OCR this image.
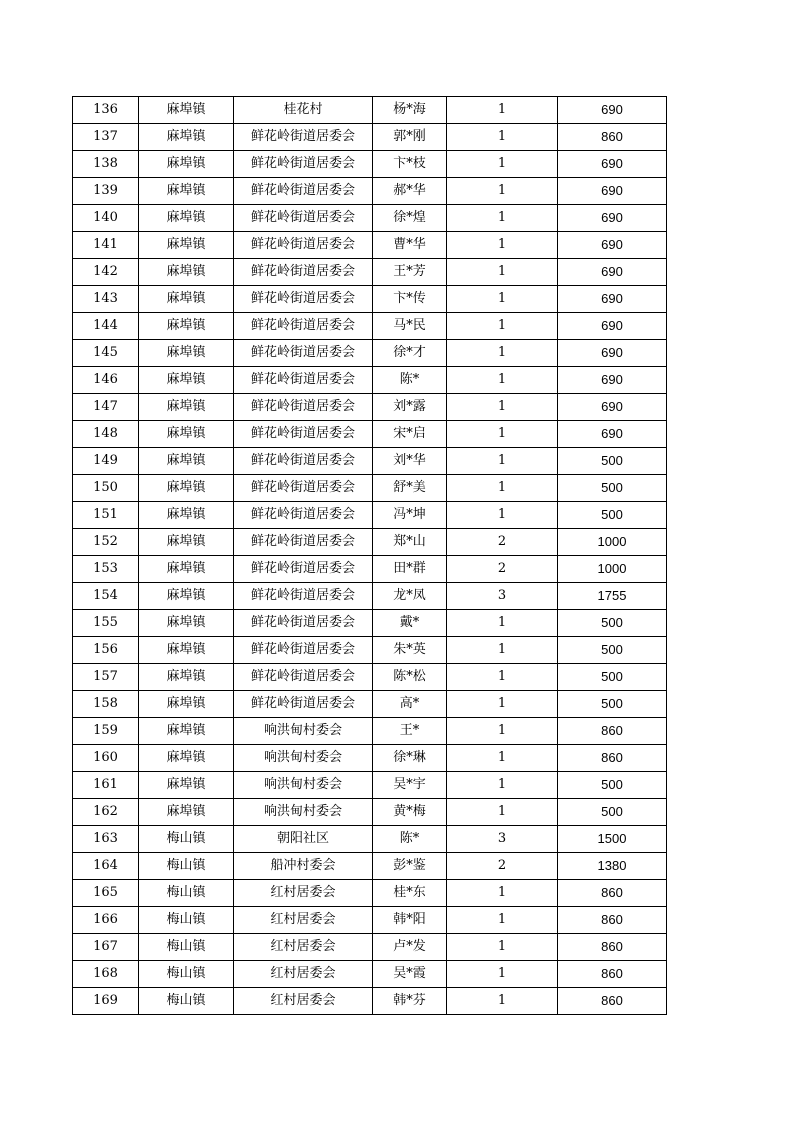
136	麻埠镇	桂花村	杨*海	1	690
137	麻埠镇	鲜花岭街道居委会	郭*刚	1	860
138	麻埠镇	鲜花岭街道居委会	卞*枝	1	690
139	麻埠镇	鲜花岭街道居委会	郝*华	1	690
140	麻埠镇	鲜花岭街道居委会	徐*煌	1	690
141	麻埠镇	鲜花岭街道居委会	曹*华	1	690
142	麻埠镇	鲜花岭街道居委会	王*芳	1	690
143	麻埠镇	鲜花岭街道居委会	卞*传	1	690
144	麻埠镇	鲜花岭街道居委会	马*民	1	690
145	麻埠镇	鲜花岭街道居委会	徐*才	1	690
146	麻埠镇	鲜花岭街道居委会	陈*	1	690
147	麻埠镇	鲜花岭街道居委会	刘*露	1	690
148	麻埠镇	鲜花岭街道居委会	宋*启	1	690
149	麻埠镇	鲜花岭街道居委会	刘*华	1	500
150	麻埠镇	鲜花岭街道居委会	舒*美	1	500
151	麻埠镇	鲜花岭街道居委会	冯*坤	1	500
152	麻埠镇	鲜花岭街道居委会	郑*山	2	1000
153	麻埠镇	鲜花岭街道居委会	田*群	2	1000
154	麻埠镇	鲜花岭街道居委会	龙*凤	3	1755
155	麻埠镇	鲜花岭街道居委会	戴*	1	500
156	麻埠镇	鲜花岭街道居委会	朱*英	1	500
157	麻埠镇	鲜花岭街道居委会	陈*松	1	500
158	麻埠镇	鲜花岭街道居委会	高*	1	500
159	麻埠镇	响洪甸村委会	王*	1	860
160	麻埠镇	响洪甸村委会	徐*琳	1	860
161	麻埠镇	响洪甸村委会	吴*宇	1	500
162	麻埠镇	响洪甸村委会	黄*梅	1	500
163	梅山镇	朝阳社区	陈*	3	1500
164	梅山镇	船冲村委会	彭*鉴	2	1380
165	梅山镇	红村居委会	桂*东	1	860
166	梅山镇	红村居委会	韩*阳	1	860
167	梅山镇	红村居委会	卢*发	1	860
168	梅山镇	红村居委会	吴*霞	1	860
169	梅山镇	红村居委会	韩*芬	1	860
